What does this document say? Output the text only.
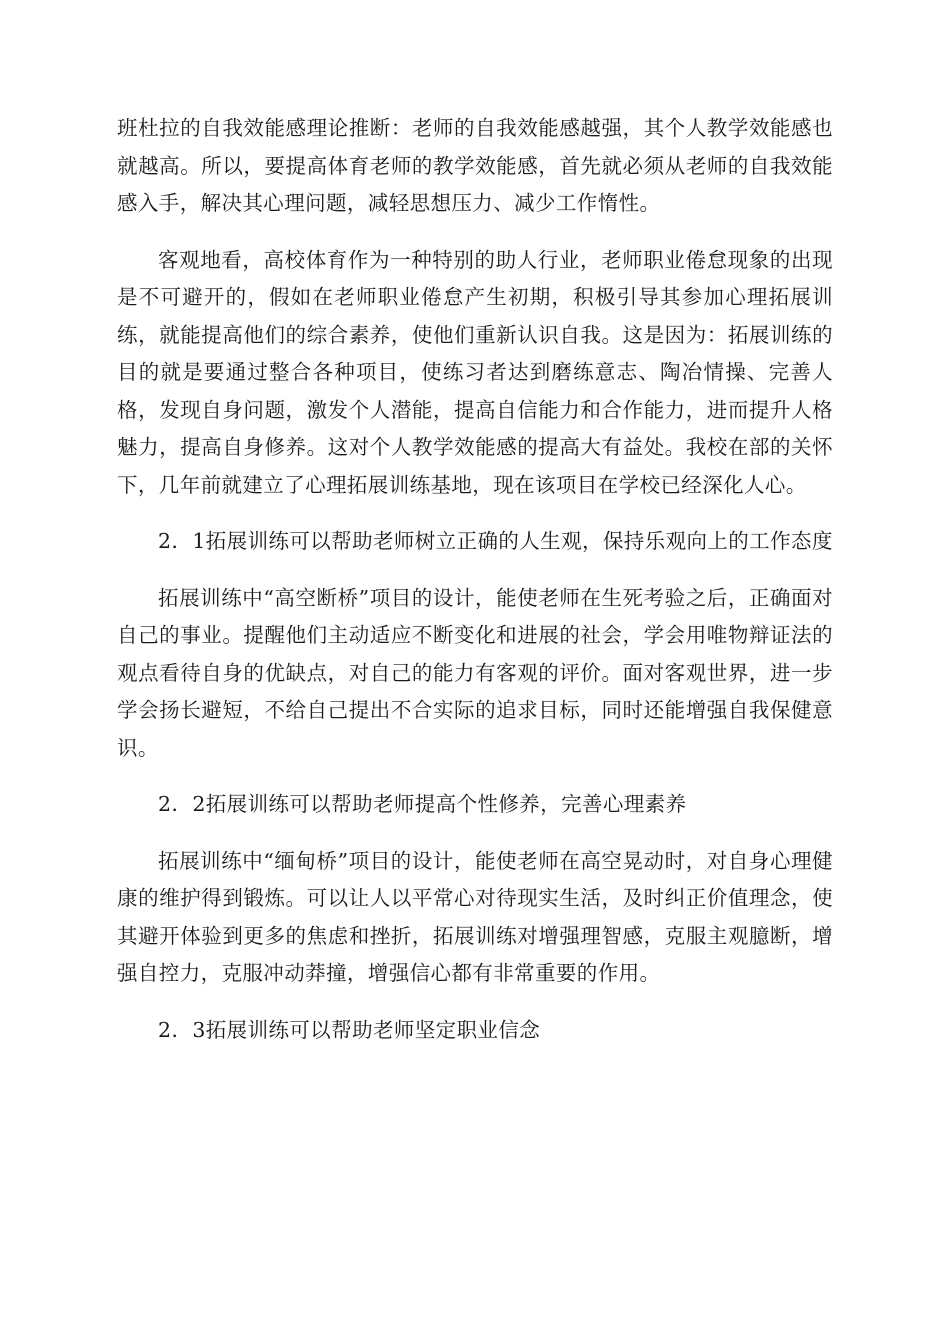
班杜拉的自我效能感理论推断：老师的自我效能感越强，其个人教学效能感也就越高。所以，要提高体育老师的教学效能感，首先就必须从老师的自我效能感入手，解决其心理问题，减轻思想压力、减少工作惰性。

客观地看，高校体育作为一种特别的助人行业，老师职业倦怠现象的出现是不可避开的，假如在老师职业倦怠产生初期，积极引导其参加心理拓展训练，就能提高他们的综合素养，使他们重新认识自我。这是因为：拓展训练的目的就是要通过整合各种项目，使练习者达到磨练意志、陶冶情操、完善人格，发现自身问题，激发个人潜能，提高自信能力和合作能力，进而提升人格魅力，提高自身修养。这对个人教学效能感的提高大有益处。我校在部的关怀下，几年前就建立了心理拓展训练基地，现在该项目在学校已经深化人心。

2．1拓展训练可以帮助老师树立正确的人生观，保持乐观向上的工作态度

拓展训练中“高空断桥”项目的设计，能使老师在生死考验之后，正确面对自己的事业。提醒他们主动适应不断变化和进展的社会，学会用唯物辩证法的观点看待自身的优缺点，对自己的能力有客观的评价。面对客观世界，进一步学会扬长避短，不给自己提出不合实际的追求目标，同时还能增强自我保健意识。

2．2拓展训练可以帮助老师提高个性修养，完善心理素养

拓展训练中“缅甸桥”项目的设计，能使老师在高空晃动时，对自身心理健康的维护得到锻炼。可以让人以平常心对待现实生活，及时纠正价值理念，使其避开体验到更多的焦虑和挫折，拓展训练对增强理智感，克服主观臆断，增强自控力，克服冲动莽撞，增强信心都有非常重要的作用。

2．3拓展训练可以帮助老师坚定职业信念
